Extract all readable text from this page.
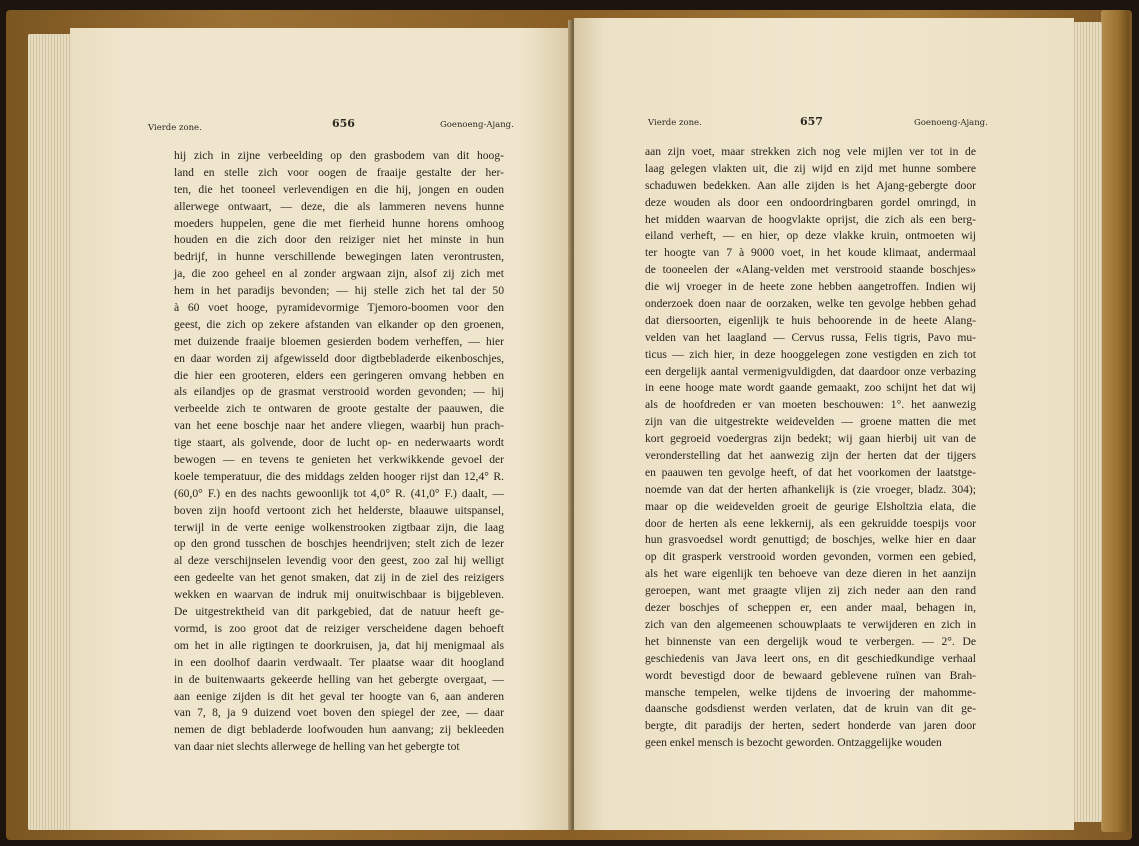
Vierde zone.	656	Goenoeng-Ajang.
hij zich in zijne verbeelding op den grasbodem van dit hoog-
land en stelle zich voor oogen de fraaije gestalte der her-
ten, die het tooneel verlevendigen en die hij, jongen en ouden
allerwege ontwaart, — deze, die als lammeren nevens hunne
moeders huppelen, gene die met fierheid hunne horens omhoog
houden en die zich door den reiziger niet het minste in hun
bedrijf, in hunne verschillende bewegingen laten verontrusten,
ja, die zoo geheel en al zonder argwaan zijn, alsof zij zich met
hem in het paradijs bevonden; — hij stelle zich het tal der 50
à 60 voet hooge, pyramidevormige Tjemoro-boomen voor den
geest, die zich op zekere afstanden van elkander op den groenen,
met duizende fraaije bloemen gesierden bodem verheffen, — hier
en daar worden zij afgewisseld door digtbebladerde eikenboschjes,
die hier een grooteren, elders een geringeren omvang hebben en
als eilandjes op de grasmat verstrooid worden gevonden; — hij
verbeelde zich te ontwaren de groote gestalte der paauwen, die
van het eene boschje naar het andere vliegen, waarbij hun prach-
tige staart, als golvende, door de lucht op- en nederwaarts wordt
bewogen — en tevens te genieten het verkwikkende gevoel der
koele temperatuur, die des middags zelden hooger rijst dan 12,4° R.
(60,0° F.) en des nachts gewoonlijk tot 4,0° R. (41,0° F.) daalt, —
boven zijn hoofd vertoont zich het helderste, blaauwe uitspansel,
terwijl in de verte eenige wolkenstrooken zigtbaar zijn, die laag
op den grond tusschen de boschjes heendrijven; stelt zich de lezer
al deze verschijnselen levendig voor den geest, zoo zal hij welligt
een gedeelte van het genot smaken, dat zij in de ziel des reizigers
wekken en waarvan de indruk mij onuitwischbaar is bijgebleven.
De uitgestrektheid van dit parkgebied, dat de natuur heeft ge-
vormd, is zoo groot dat de reiziger verscheidene dagen behoeft
om het in alle rigtingen te doorkruisen, ja, dat hij menigmaal als
in een doolhof daarin verdwaalt. Ter plaatse waar dit hoogland
in de buitenwaarts gekeerde helling van het gebergte overgaat, —
aan eenige zijden is dit het geval ter hoogte van 6, aan anderen
van 7, 8, ja 9 duizend voet boven den spiegel der zee, — daar
nemen de digt bebladerde loofwouden hun aanvang; zij bekleeden
van daar niet slechts allerwege de helling van het gebergte tot
Vierde zone.	657	Goenoeng-Ajang.
aan zijn voet, maar strekken zich nog vele mijlen ver tot in de
laag gelegen vlakten uit, die zij wijd en zijd met hunne sombere
schaduwen bedekken. Aan alle zijden is het Ajang-gebergte door
deze wouden als door een ondoordringbaren gordel omringd, in
het midden waarvan de hoogvlakte oprijst, die zich als een berg-
eiland verheft, — en hier, op deze vlakke kruin, ontmoeten wij
ter hoogte van 7 à 9000 voet, in het koude klimaat, andermaal
de tooneelen der «Alang-velden met verstrooid staande boschjes»
die wij vroeger in de heete zone hebben aangetroffen. Indien wij
onderzoek doen naar de oorzaken, welke ten gevolge hebben gehad
dat diersoorten, eigenlijk te huis behoorende in de heete Alang-
velden van het laagland — Cervus russa, Felis tigris, Pavo mu-
ticus — zich hier, in deze hooggelegen zone vestigden en zich tot
een dergelijk aantal vermenigvuldigden, dat daardoor onze verbazing
in eene hooge mate wordt gaande gemaakt, zoo schijnt het dat wij
als de hoofdreden er van moeten beschouwen: 1°. het aanwezig
zijn van die uitgestrekte weidevelden — groene matten die met
kort gegroeid voedergras zijn bedekt; wij gaan hierbij uit van de
veronderstelling dat het aanwezig zijn der herten dat der tijgers
en paauwen ten gevolge heeft, of dat het voorkomen der laatstge-
noemde van dat der herten afhankelijk is (zie vroeger, bladz. 304);
maar op die weidevelden groeit de geurige Elsholtzia elata, die
door de herten als eene lekkernij, als een gekruidde toespijs voor
hun grasvoedsel wordt genuttigd; de boschjes, welke hier en daar
op dit grasperk verstrooid worden gevonden, vormen een gebied,
als het ware eigenlijk ten behoeve van deze dieren in het aanzijn
geroepen, want met graagte vlijen zij zich neder aan den rand
dezer boschjes of scheppen er, een ander maal, behagen in,
zich van den algemeenen schouwplaats te verwijderen en zich in
het binnenste van een dergelijk woud te verbergen. — 2°. De
geschiedenis van Java leert ons, en dit geschiedkundige verhaal
wordt bevestigd door de bewaard geblevene ruïnen van Brah-
mansche tempelen, welke tijdens de invoering der mahomme-
daansche godsdienst werden verlaten, dat de kruin van dit ge-
bergte, dit paradijs der herten, sedert honderde van jaren door
geen enkel mensch is bezocht geworden. Ontzaggelijke wouden
